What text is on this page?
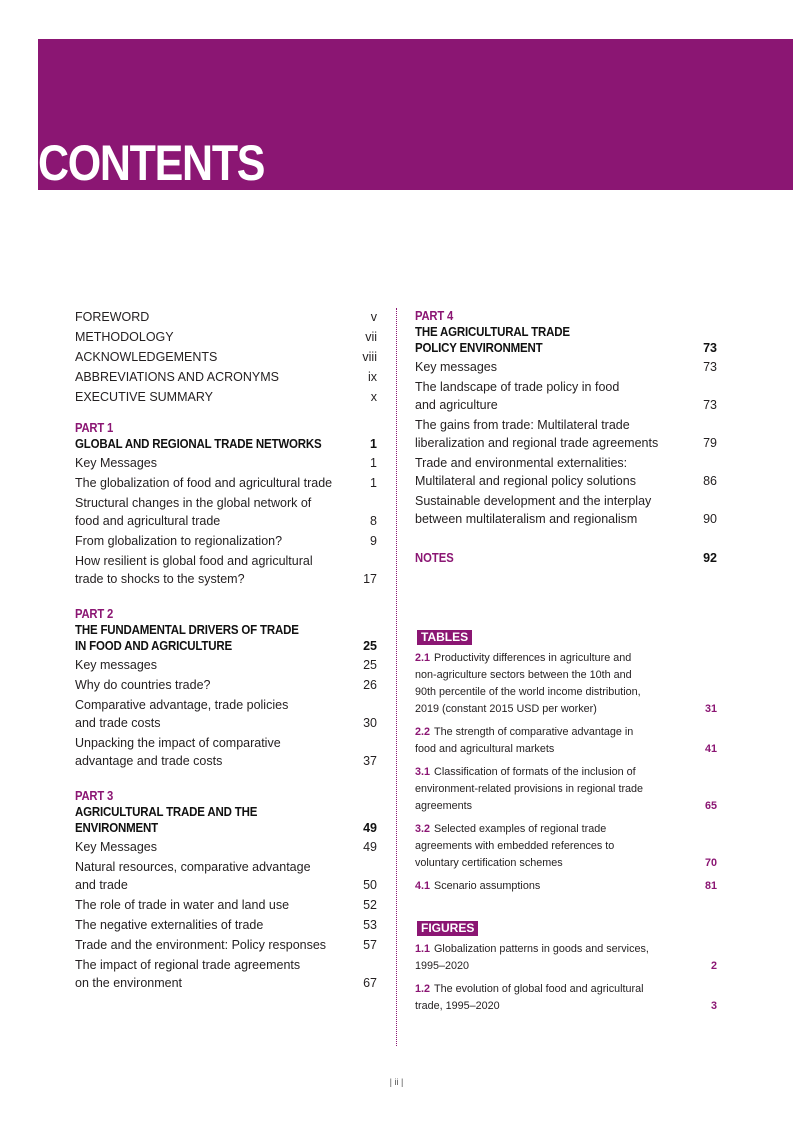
CONTENTS
FOREWORD	v
METHODOLOGY	vii
ACKNOWLEDGEMENTS	viii
ABBREVIATIONS AND ACRONYMS	ix
EXECUTIVE SUMMARY	x
PART 1
GLOBAL AND REGIONAL TRADE NETWORKS	1
Key Messages	1
The globalization of food and agricultural trade	1
Structural changes in the global network of
food and agricultural trade	8
From globalization to regionalization?	9
How resilient is global food and agricultural
trade to shocks to the system?	17
PART 2
THE FUNDAMENTAL DRIVERS OF TRADE
IN FOOD AND AGRICULTURE	25
Key messages	25
Why do countries trade?	26
Comparative advantage, trade policies
and trade costs	30
Unpacking the impact of comparative
advantage and trade costs	37
PART 3
AGRICULTURAL TRADE AND THE ENVIRONMENT	49
Key Messages	49
Natural resources, comparative advantage
and trade	50
The role of trade in water and land use	52
The negative externalities of trade	53
Trade and the environment: Policy responses	57
The impact of regional trade agreements
on the environment	67
PART 4
THE AGRICULTURAL TRADE
POLICY ENVIRONMENT	73
Key messages	73
The landscape of trade policy in food
and agriculture	73
The gains from trade: Multilateral trade
liberalization and regional trade agreements	79
Trade and environmental externalities:
Multilateral and regional policy solutions	86
Sustainable development and the interplay
between multilateralism and regionalism	90
NOTES	92
TABLES
2.1 Productivity differences in agriculture and
non-agriculture sectors between the 10th and
90th percentile of the world income distribution,
2019 (constant 2015 USD per worker)	31
2.2 The strength of comparative advantage in
food and agricultural markets	41
3.1 Classification of formats of the inclusion of
environment-related provisions in regional trade
agreements	65
3.2 Selected examples of regional trade
agreements with embedded references to
voluntary certification schemes	70
4.1 Scenario assumptions	81
FIGURES
1.1 Globalization patterns in goods and services,
1995–2020	2
1.2 The evolution of global food and agricultural
trade, 1995–2020	3
| ii |
